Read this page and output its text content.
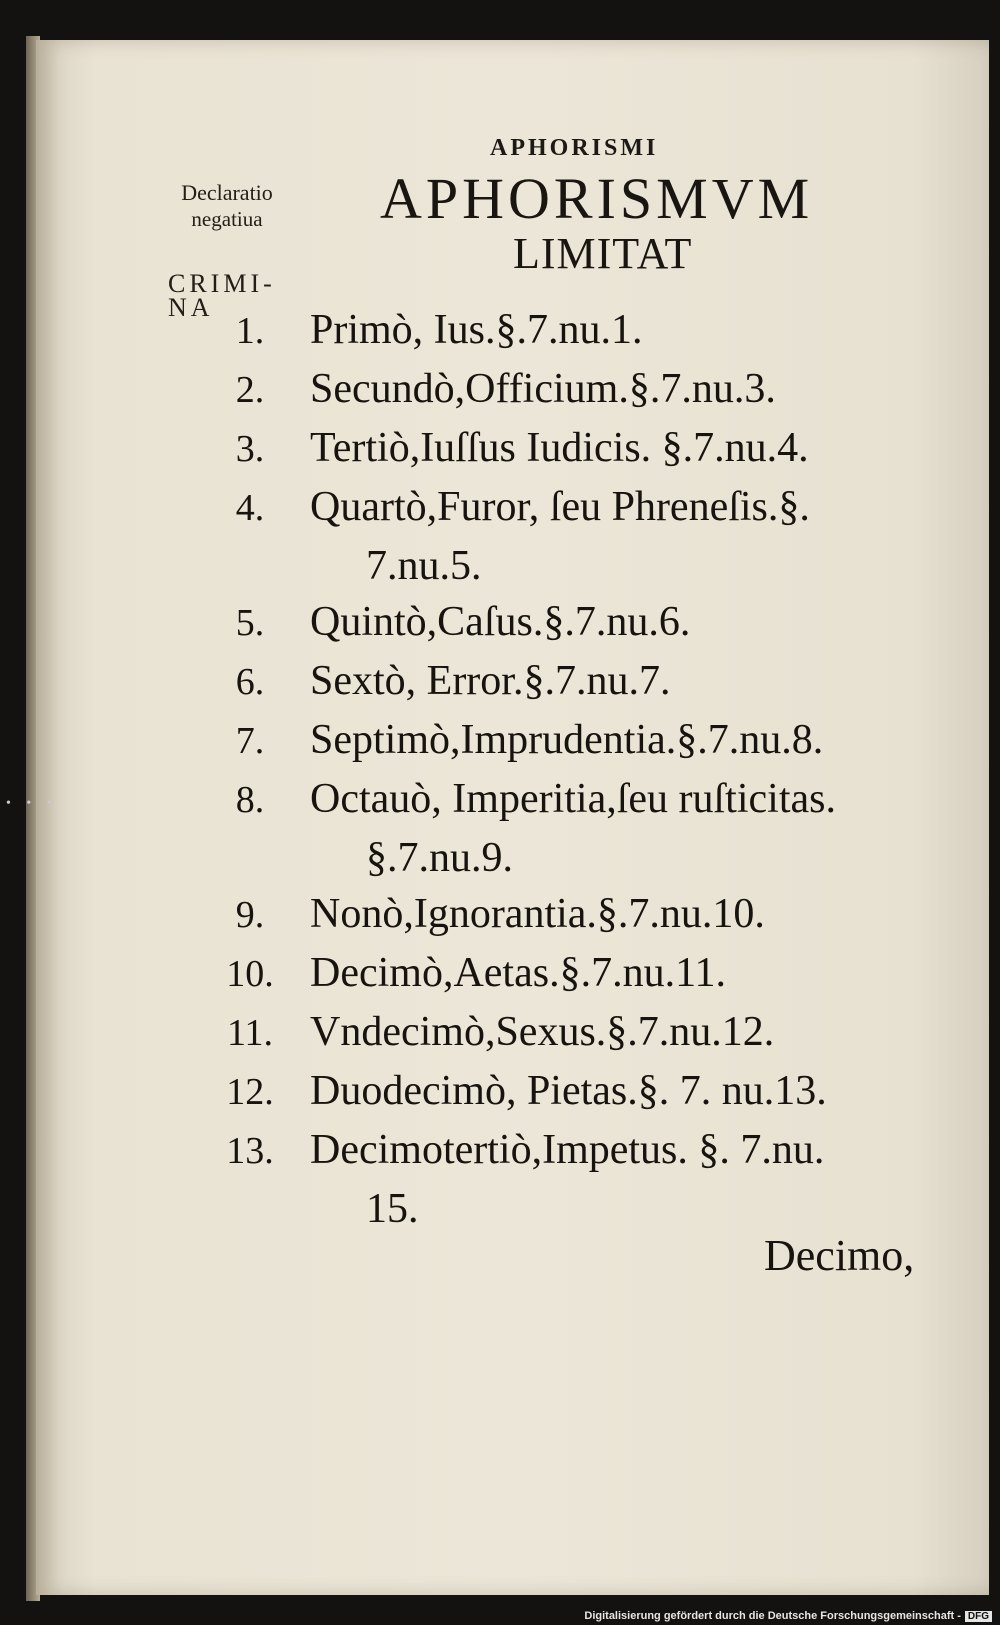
• • •
APHORISMI
APHORISMVM
LIMITAT
Declaratio
negatiua
CRIMI-
NA
1.	Primò, Ius.§.7.nu.1.
2.	Secundò,Officium.§.7.nu.3.
3.	Tertiò,Iuſſus Iudicis. §.7.nu.4.
4.	Quartò,Furor, ſeu Phreneſis.§.
7.nu.5.
5.	Quintò,Caſus.§.7.nu.6.
6.	Sextò, Error.§.7.nu.7.
7.	Septimò,Imprudentia.§.7.nu.8.
8.	Octauò, Imperitia,ſeu ruſticitas.
§.7.nu.9.
9.	Nonò,Ignorantia.§.7.nu.10.
10. Decimò,Aetas.§.7.nu.11.
11. Vndecimò,Sexus.§.7.nu.12.
12. Duodecimò, Pietas.§. 7. nu.13.
13. Decimotertiò,Impetus. §. 7.nu.
15.
Decimo,
Digitalisierung gefördert durch die Deutsche Forschungsgemeinschaft - DFG
